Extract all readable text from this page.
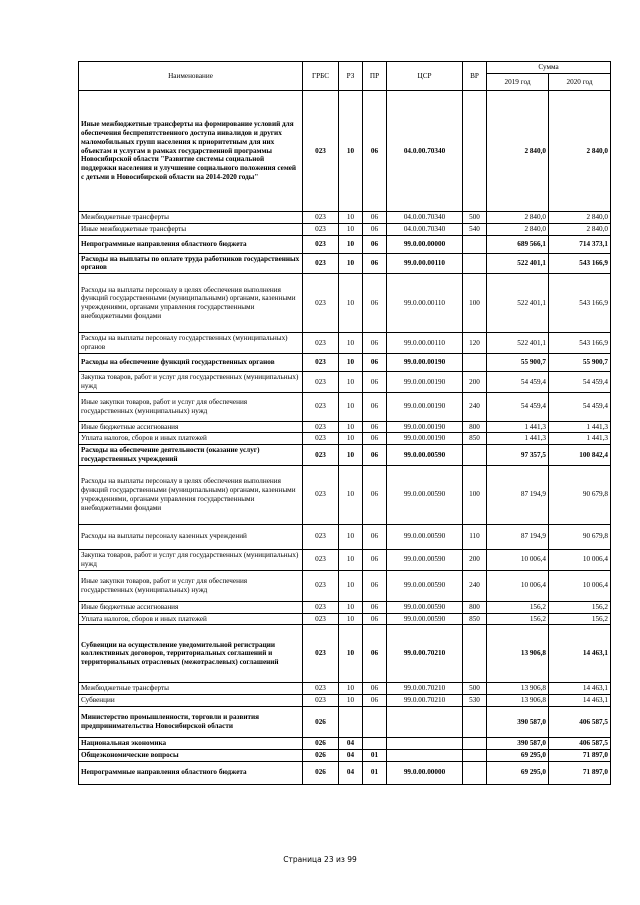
Наименование	ГРБС	РЗ	ПР	ЦСР	ВР	Сумма	
						2019 год	2020 год
Иные межбюджетные трансферты на формирование условий для обеспечения беспрепятственного доступа инвалидов и других маломобильных групп населения к приоритетным для них объектам и услугам в рамках государственной программы Новосибирской области "Развитие системы социальной поддержки населения и улучшение социального положения семей с детьми в Новосибирской области на 2014-2020 годы"	023	10	06	04.0.00.70340		2 840,0	2 840,0
Межбюджетные трансферты	023	10	06	04.0.00.70340	500	2 840,0	2 840,0
Иные межбюджетные трансферты	023	10	06	04.0.00.70340	540	2 840,0	2 840,0
Непрограммные направления областного бюджета	023	10	06	99.0.00.00000		689 566,1	714 373,1
Расходы на выплаты по оплате труда работников государственных органов	023	10	06	99.0.00.00110		522 401,1	543 166,9
Расходы на выплаты персоналу в целях обеспечения выполнения функций государственными (муниципальными) органами, казенными учреждениями, органами управления государственными внебюджетными фондами	023	10	06	99.0.00.00110	100	522 401,1	543 166,9
Расходы на выплаты персоналу государственных (муниципальных) органов	023	10	06	99.0.00.00110	120	522 401,1	543 166,9
Расходы на обеспечение функций государственных органов	023	10	06	99.0.00.00190		55 900,7	55 900,7
Закупка товаров, работ и услуг для государственных (муниципальных) нужд	023	10	06	99.0.00.00190	200	54 459,4	54 459,4
Иные закупки товаров, работ и услуг для обеспечения государственных (муниципальных) нужд	023	10	06	99.0.00.00190	240	54 459,4	54 459,4
Иные бюджетные ассигнования	023	10	06	99.0.00.00190	800	1 441,3	1 441,3
Уплата налогов, сборов и иных платежей	023	10	06	99.0.00.00190	850	1 441,3	1 441,3
Расходы на обеспечение деятельности (оказание услуг) государственных учреждений	023	10	06	99.0.00.00590		97 357,5	100 842,4
Расходы на выплаты персоналу в целях обеспечения выполнения функций государственными (муниципальными) органами, казенными учреждениями, органами управления государственными внебюджетными фондами	023	10	06	99.0.00.00590	100	87 194,9	90 679,8
Расходы на выплаты персоналу казенных учреждений	023	10	06	99.0.00.00590	110	87 194,9	90 679,8
Закупка товаров, работ и услуг для государственных (муниципальных) нужд	023	10	06	99.0.00.00590	200	10 006,4	10 006,4
Иные закупки товаров, работ и услуг для обеспечения государственных (муниципальных) нужд	023	10	06	99.0.00.00590	240	10 006,4	10 006,4
Иные бюджетные ассигнования	023	10	06	99.0.00.00590	800	156,2	156,2
Уплата налогов, сборов и иных платежей	023	10	06	99.0.00.00590	850	156,2	156,2
Субвенции на осуществление уведомительной регистрации коллективных договоров, территориальных соглашений и территориальных отраслевых (межотраслевых) соглашений	023	10	06	99.0.00.70210		13 906,8	14 463,1
Межбюджетные трансферты	023	10	06	99.0.00.70210	500	13 906,8	14 463,1
Субвенции	023	10	06	99.0.00.70210	530	13 906,8	14 463,1
Министерство промышленности, торговли и развития предпринимательства Новосибирской области	026					390 587,0	406 587,5
Национальная экономика	026	04				390 587,0	406 587,5
Общеэкономические вопросы	026	04	01			69 295,0	71 897,0
Непрограммные направления областного бюджета	026	04	01	99.0.00.00000		69 295,0	71 897,0
Страница 23 из 99
